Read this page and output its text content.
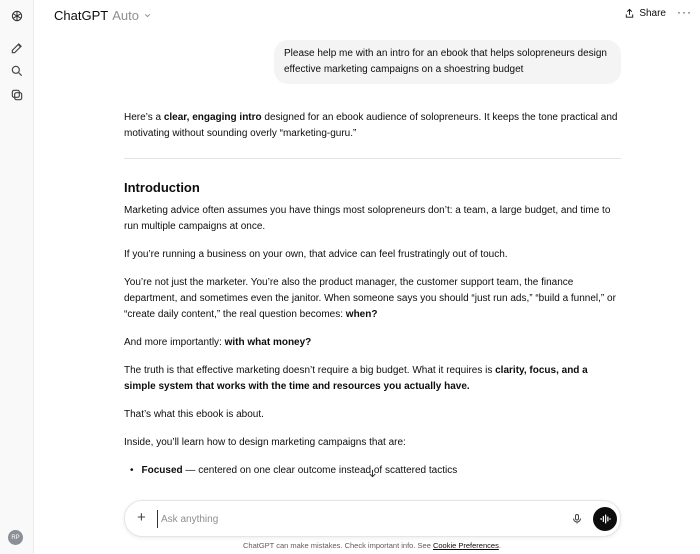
RP
ChatGPT Auto	Share ···
Please help me with an intro for an ebook that helps solopreneurs design effective marketing campaigns on a shoestring budget

Here’s a clear, engaging intro designed for an ebook audience of solopreneurs. It keeps the tone practical and motivating without sounding overly “marketing-guru.”

Introduction

Marketing advice often assumes you have things most solopreneurs don’t: a team, a large budget, and time to run multiple campaigns at once.

If you’re running a business on your own, that advice can feel frustratingly out of touch.

You’re not just the marketer. You’re also the product manager, the customer support team, the finance department, and sometimes even the janitor. When someone says you should “just run ads,” “build a funnel,” or “create daily content,” the real question becomes: when?

And more importantly: with what money?

The truth is that effective marketing doesn’t require a big budget. What it requires is clarity, focus, and a simple system that works with the time and resources you actually have.

That’s what this ebook is about.

Inside, you’ll learn how to design marketing campaigns that are:

• Focused — centered on one clear outcome instead of scattered tactics
+
Ask anything
ChatGPT can make mistakes. Check important info. See Cookie Preferences.
